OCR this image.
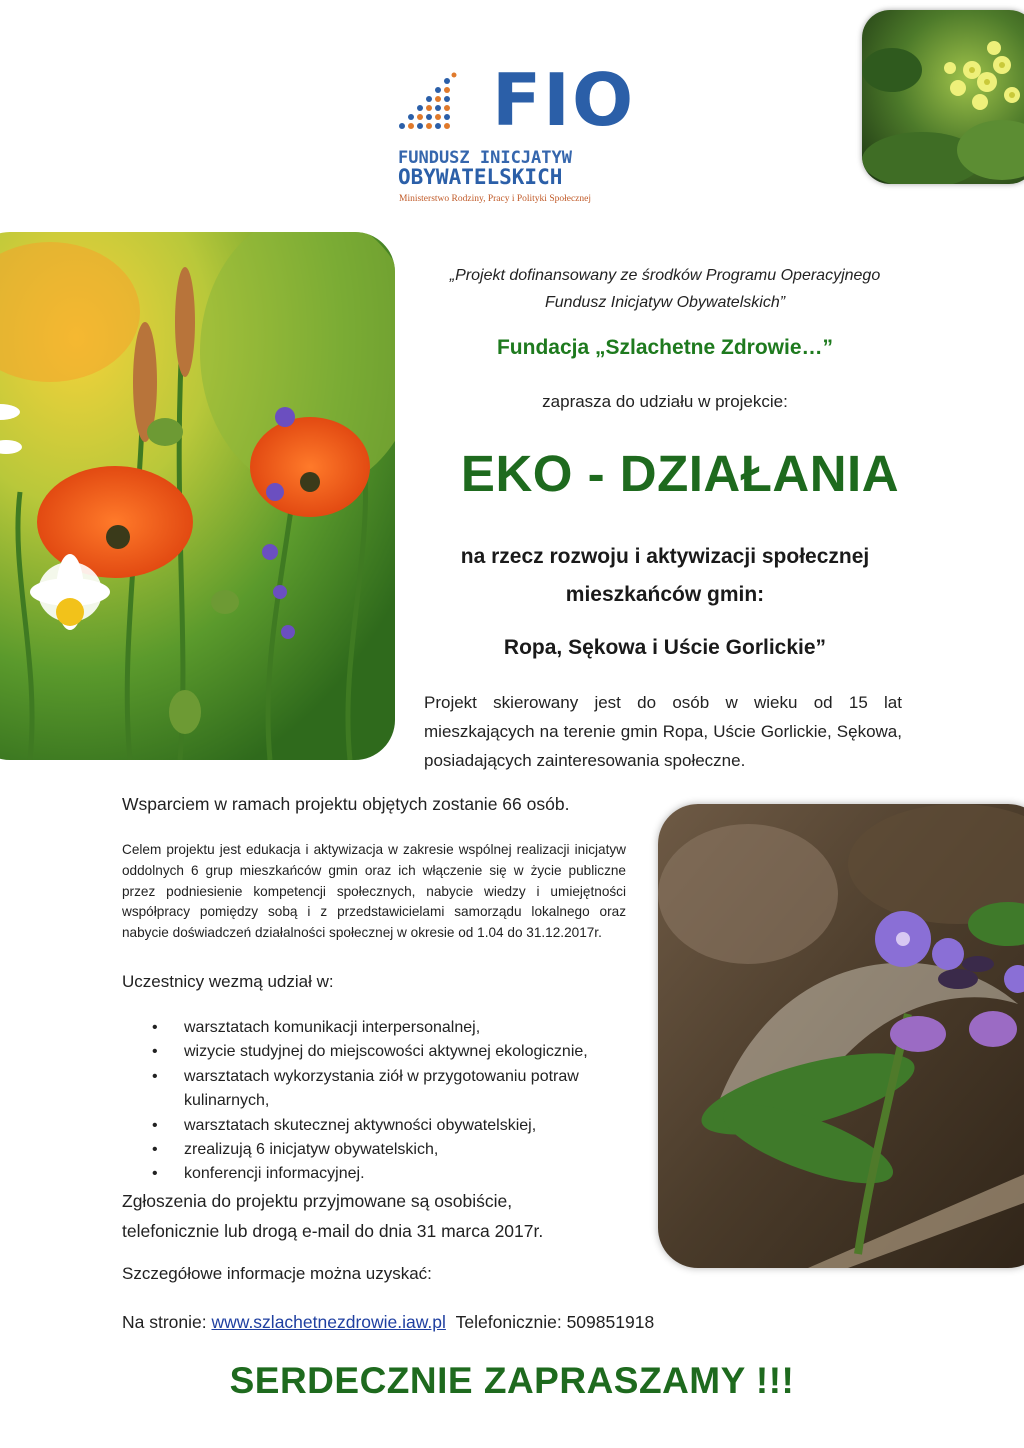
FIO
FUNDUSZ INICJATYW
OBYWATELSKICH
Ministerstwo Rodziny, Pracy i Polityki Społecznej
„Projekt dofinansowany ze środków Programu Operacyjnego
Fundusz Inicjatyw Obywatelskich”
Fundacja „Szlachetne Zdrowie…”
zaprasza do udziału w projekcie:
EKO - DZIAŁANIA
na rzecz rozwoju i aktywizacji społecznej
mieszkańców gmin:
Ropa, Sękowa i Uście Gorlickie”
Projekt skierowany jest do osób w wieku od 15 lat mieszkających na terenie gmin Ropa, Uście Gorlickie, Sękowa, posiadających zainteresowania społeczne.
Wsparciem w ramach projektu objętych zostanie 66 osób.
Celem projektu jest edukacja i aktywizacja w zakresie wspólnej realizacji inicjatyw oddolnych 6 grup mieszkańców gmin oraz ich włączenie się w życie publiczne przez podniesienie kompetencji społecznych, nabycie wiedzy i umiejętności współpracy pomiędzy sobą i z przedstawicielami samorządu lokalnego oraz nabycie doświadczeń działalności społecznej w okresie od 1.04 do 31.12.2017r.
Uczestnicy wezmą udział w:
• warsztatach komunikacji interpersonalnej,
• wizycie studyjnej do miejscowości aktywnej ekologicznie,
• warsztatach wykorzystania ziół w przygotowaniu potraw kulinarnych,
• warsztatach skutecznej aktywności obywatelskiej,
• zrealizują 6 inicjatyw obywatelskich,
• konferencji informacyjnej.
Zgłoszenia do projektu przyjmowane są osobiście,
telefonicznie lub drogą e-mail do dnia 31 marca 2017r.
Szczegółowe informacje można uzyskać:
Na stronie: www.szlachetnezdrowie.iaw.pl Telefonicznie: 509851918
SERDECZNIE ZAPRASZAMY !!!
